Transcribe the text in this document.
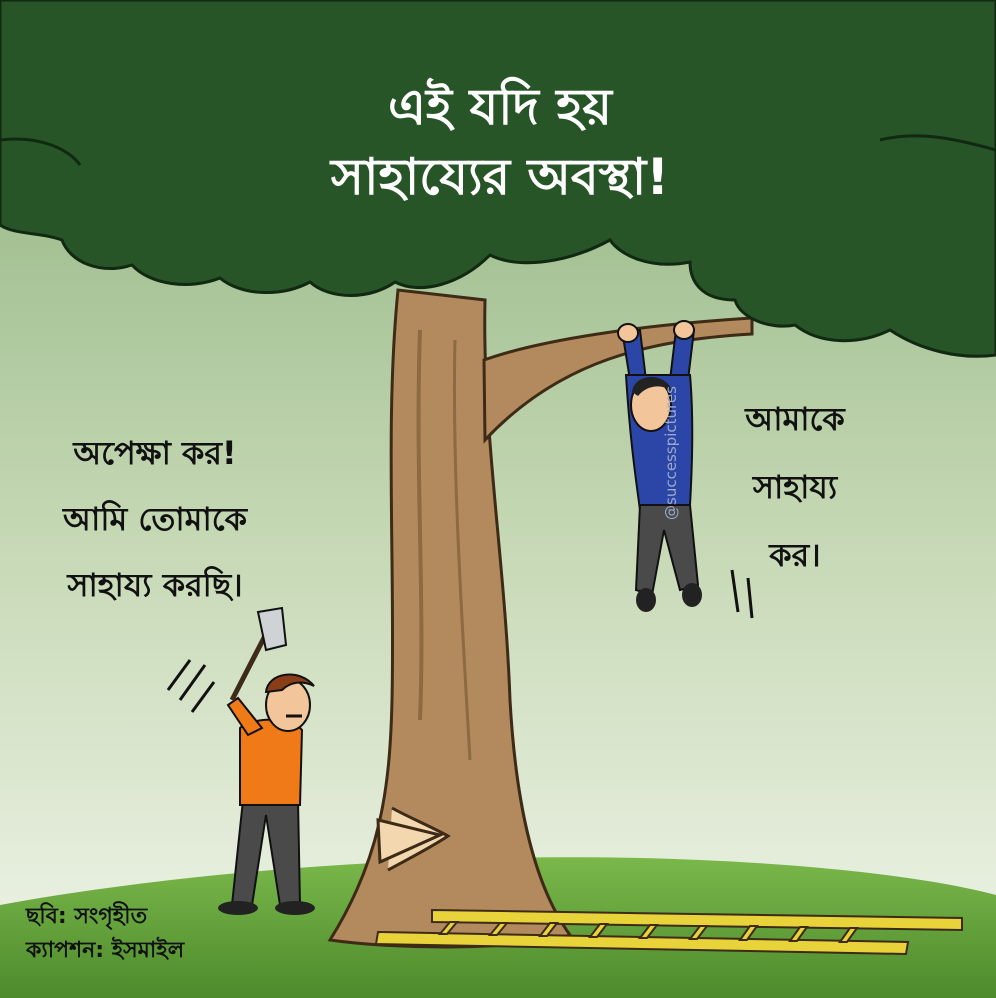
এই যদি হয়
সাহায্যের অবস্থা!
অপেক্ষা কর!
আমি তোমাকে
সাহায্য করছি।
আমাকে
সাহায্য
কর।
@successpictures
ছবি: সংগৃহীত
ক্যাপশন: ইসমাইল
